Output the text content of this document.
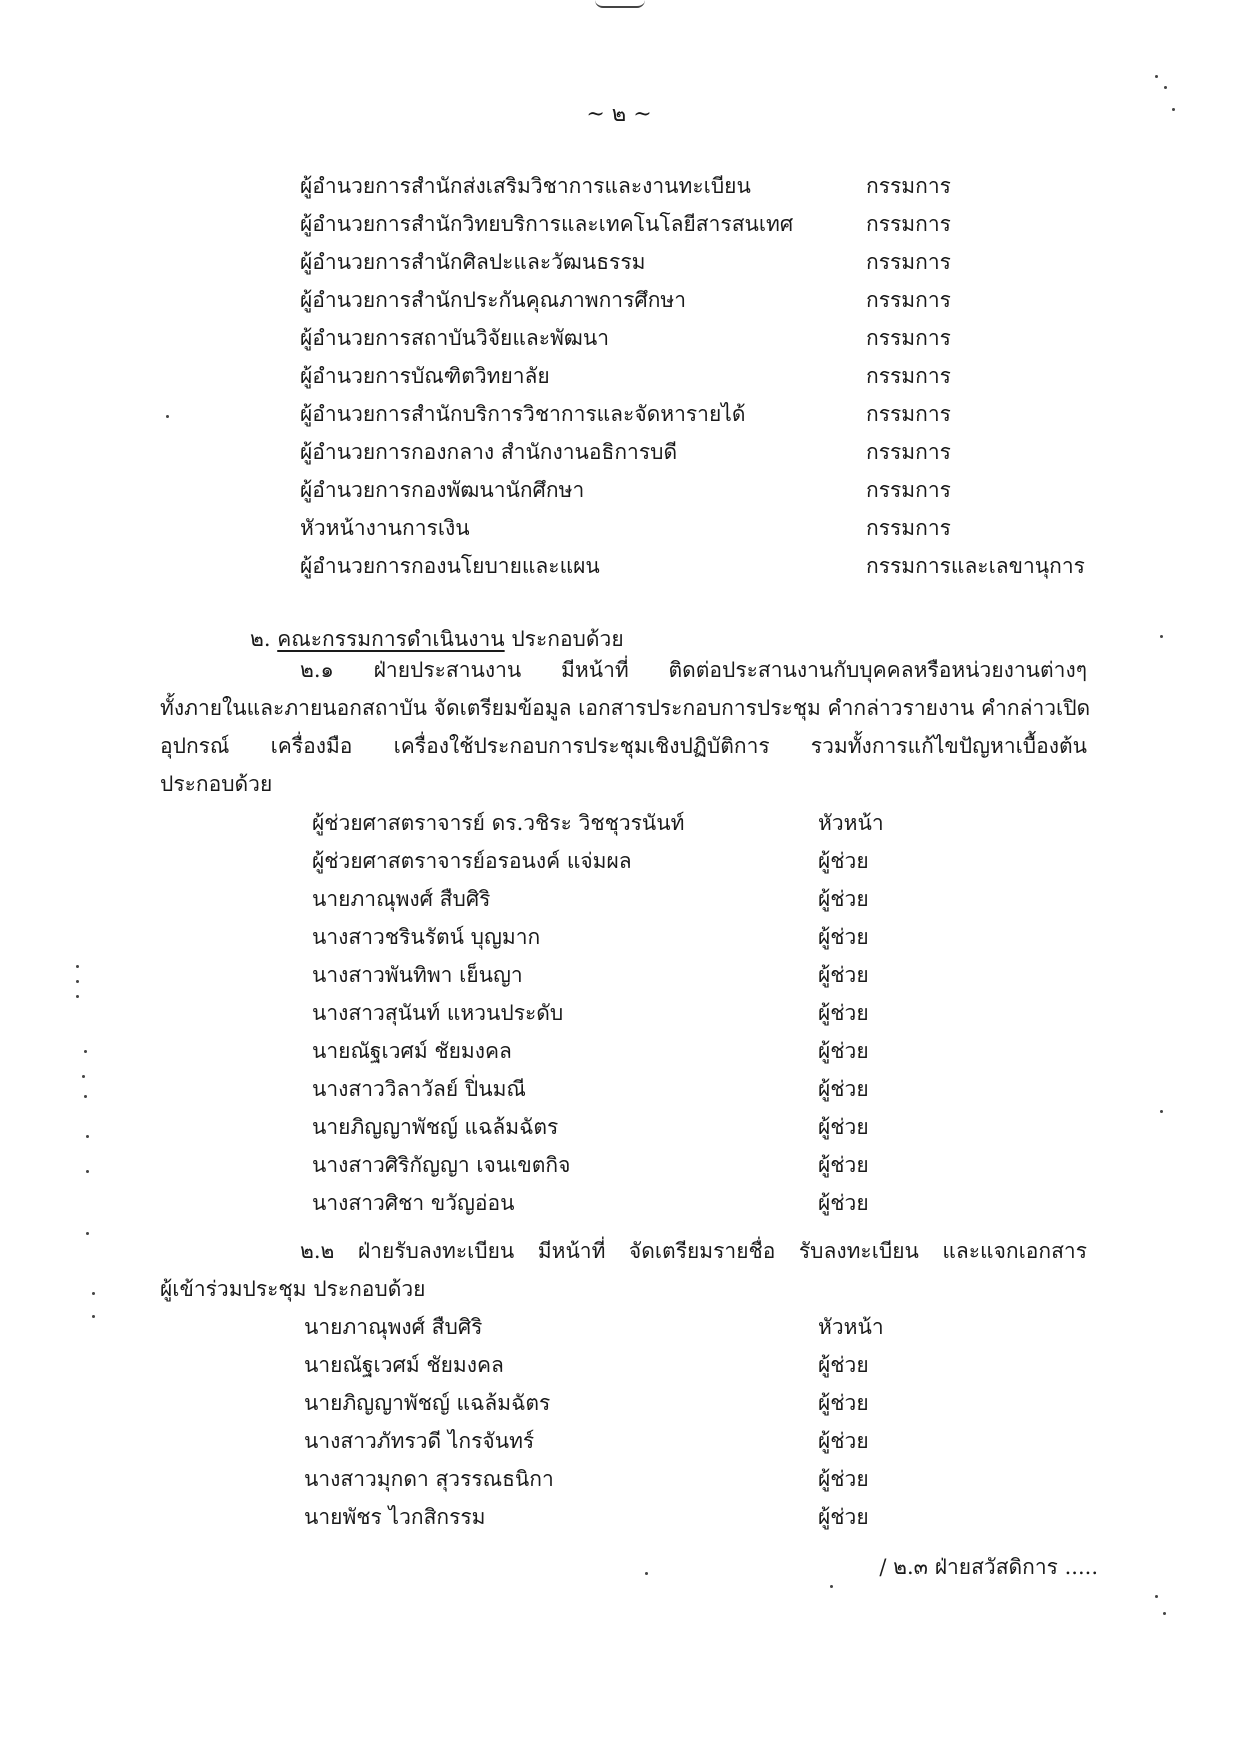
~ ๒ ~
ผู้อำนวยการสำนักส่งเสริมวิชาการและงานทะเบียน	กรรมการ
ผู้อำนวยการสำนักวิทยบริการและเทคโนโลยีสารสนเทศ	กรรมการ
ผู้อำนวยการสำนักศิลปะและวัฒนธรรม	กรรมการ
ผู้อำนวยการสำนักประกันคุณภาพการศึกษา	กรรมการ
ผู้อำนวยการสถาบันวิจัยและพัฒนา	กรรมการ
ผู้อำนวยการบัณฑิตวิทยาลัย	กรรมการ
ผู้อำนวยการสำนักบริการวิชาการและจัดหารายได้	กรรมการ
ผู้อำนวยการกองกลาง สำนักงานอธิการบดี	กรรมการ
ผู้อำนวยการกองพัฒนานักศึกษา	กรรมการ
หัวหน้างานการเงิน	กรรมการ
ผู้อำนวยการกองนโยบายและแผน	กรรมการและเลขานุการ
๒. คณะกรรมการดำเนินงาน ประกอบด้วย
๒.๑ ฝ่ายประสานงาน มีหน้าที่ ติดต่อประสานงานกับบุคคลหรือหน่วยงานต่างๆ
ทั้งภายในและภายนอกสถาบัน จัดเตรียมข้อมูล เอกสารประกอบการประชุม คำกล่าวรายงาน คำกล่าวเปิด
อุปกรณ์ เครื่องมือ เครื่องใช้ประกอบการประชุมเชิงปฏิบัติการ รวมทั้งการแก้ไขปัญหาเบื้องต้น
ประกอบด้วย
ผู้ช่วยศาสตราจารย์ ดร.วชิระ วิชชุวรนันท์	หัวหน้า
ผู้ช่วยศาสตราจารย์อรอนงค์ แจ่มผล	ผู้ช่วย
นายภาณุพงศ์ สืบศิริ	ผู้ช่วย
นางสาวชรินรัตน์ บุญมาก	ผู้ช่วย
นางสาวพันทิพา เย็นญา	ผู้ช่วย
นางสาวสุนันท์ แหวนประดับ	ผู้ช่วย
นายณัฐเวศม์ ชัยมงคล	ผู้ช่วย
นางสาววิลาวัลย์ ปิ่นมณี	ผู้ช่วย
นายภิญญาพัชญ์ แฉล้มฉัตร	ผู้ช่วย
นางสาวศิริกัญญา เจนเขตกิจ	ผู้ช่วย
นางสาวศิชา ขวัญอ่อน	ผู้ช่วย
๒.๒ ฝ่ายรับลงทะเบียน มีหน้าที่ จัดเตรียมรายชื่อ รับลงทะเบียน และแจกเอกสาร
ผู้เข้าร่วมประชุม ประกอบด้วย
นายภาณุพงศ์ สืบศิริ	หัวหน้า
นายณัฐเวศม์ ชัยมงคล	ผู้ช่วย
นายภิญญาพัชญ์ แฉล้มฉัตร	ผู้ช่วย
นางสาวภัทรวดี ไกรจันทร์	ผู้ช่วย
นางสาวมุกดา สุวรรณธนิกา	ผู้ช่วย
นายพัชร ไวกสิกรรม	ผู้ช่วย
/ ๒.๓ ฝ่ายสวัสดิการ .....
